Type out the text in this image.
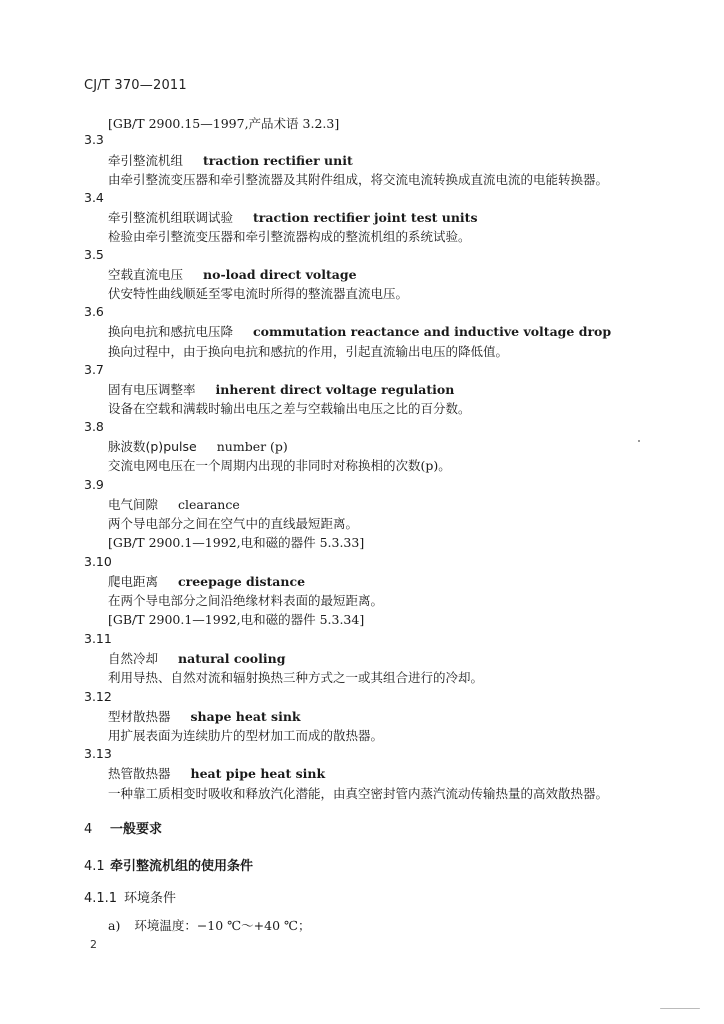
CJ/T 370—2011
[GB/T 2900.15—1997,产品术语 3.2.3]
3.3
牵引整流机组 traction rectifier unit
由牵引整流变压器和牵引整流器及其附件组成，将交流电流转换成直流电流的电能转换器。
3.4
牵引整流机组联调试验 traction rectifier joint test units
检验由牵引整流变压器和牵引整流器构成的整流机组的系统试验。
3.5
空载直流电压 no-load direct voltage
伏安特性曲线顺延至零电流时所得的整流器直流电压。
3.6
换向电抗和感抗电压降 commutation reactance and inductive voltage drop
换向过程中，由于换向电抗和感抗的作用，引起直流输出电压的降低值。
3.7
固有电压调整率 inherent direct voltage regulation
设备在空载和满载时输出电压之差与空载输出电压之比的百分数。
3.8
脉波数(p)pulse number (p)
交流电网电压在一个周期内出现的非同时对称换相的次数(p)。
3.9
电气间隙 clearance
两个导电部分之间在空气中的直线最短距离。
[GB/T 2900.1—1992,电和磁的器件 5.3.33]
3.10
爬电距离 creepage distance
在两个导电部分之间沿绝缘材料表面的最短距离。
[GB/T 2900.1—1992,电和磁的器件 5.3.34]
3.11
自然冷却 natural cooling
利用导热、自然对流和辐射换热三种方式之一或其组合进行的冷却。
3.12
型材散热器 shape heat sink
用扩展表面为连续肋片的型材加工而成的散热器。
3.13
热管散热器 heat pipe heat sink
一种靠工质相变时吸收和释放汽化潜能，由真空密封管内蒸汽流动传输热量的高效散热器。
4 一般要求
4.1 牵引整流机组的使用条件
4.1.1 环境条件
a) 环境温度：−10 ℃～+40 ℃；
2
